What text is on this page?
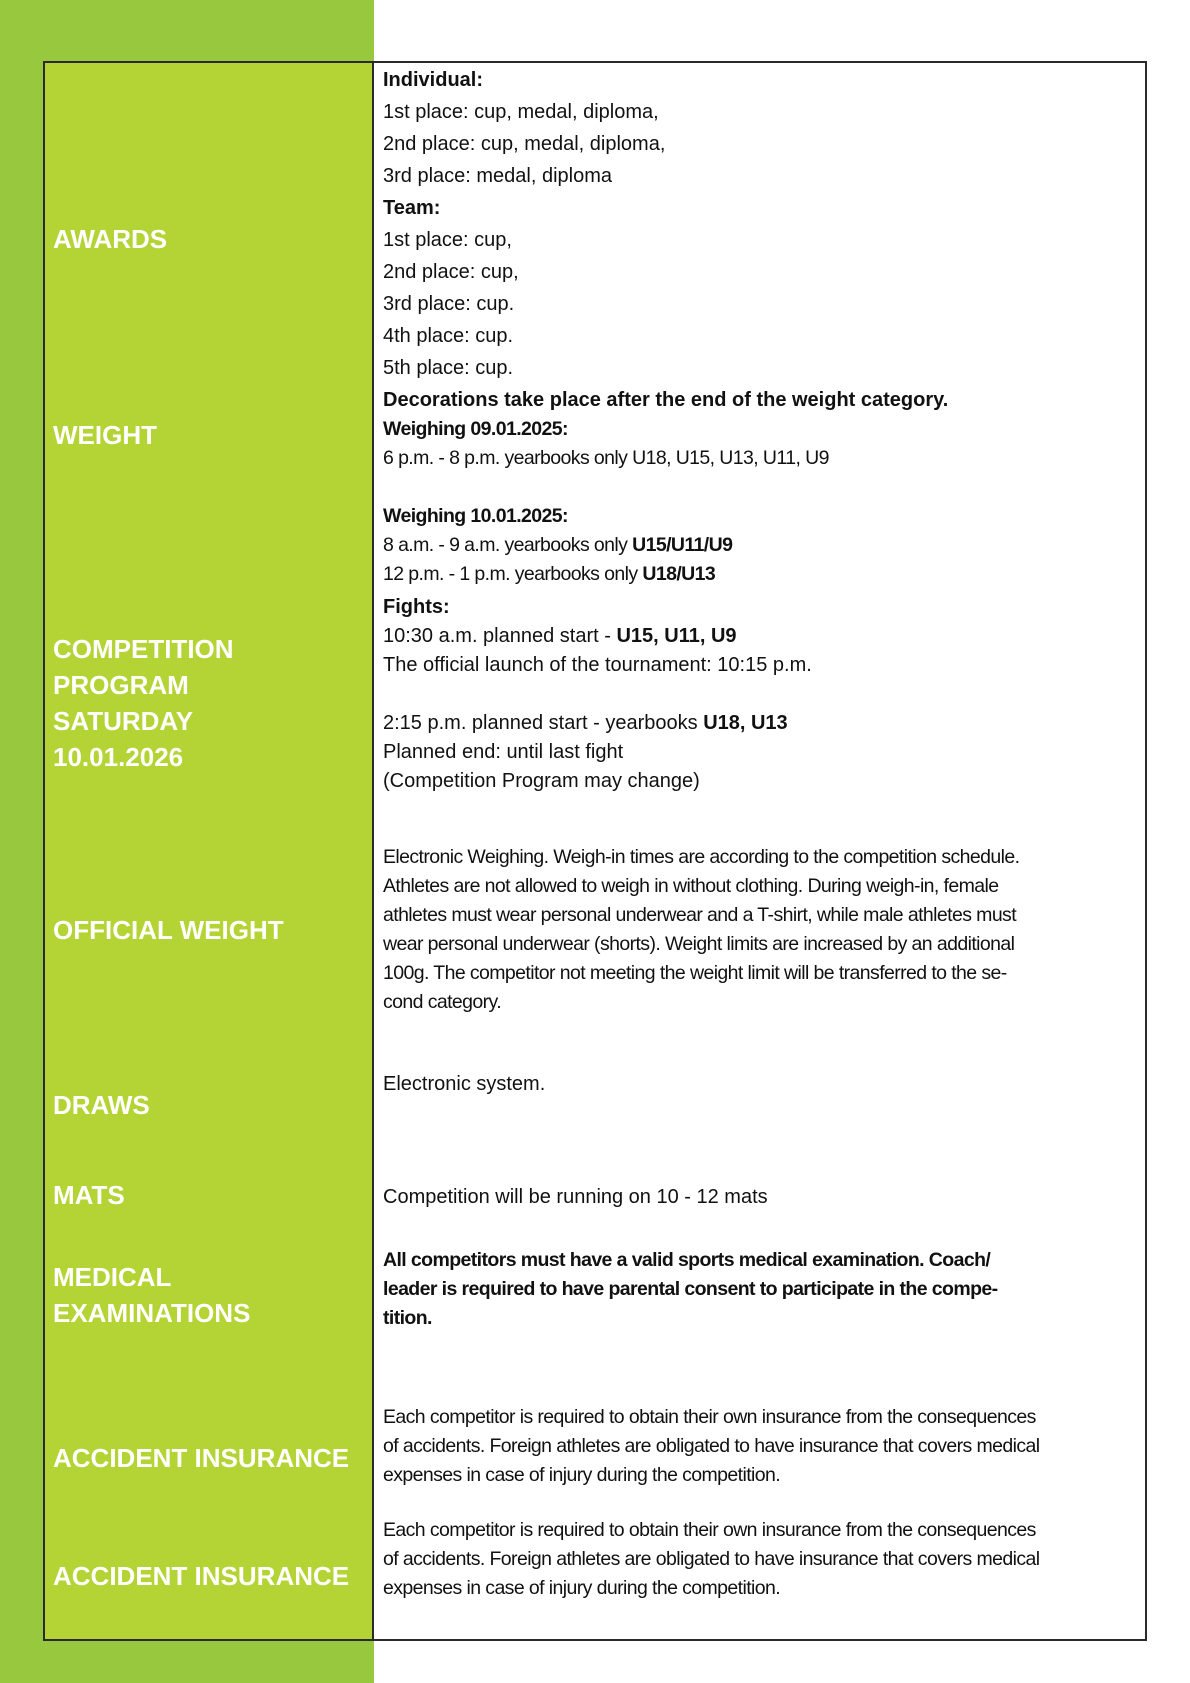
AWARDS
Individual:
1st place: cup, medal, diploma,
2nd place: cup, medal, diploma,
3rd place: medal, diploma
Team:
1st place: cup,
2nd place: cup,
3rd place: cup.
4th place: cup.
5th place: cup.
Decorations take place after the end of the weight category.
WEIGHT	Weighing 09.01.2025:
6 p.m. - 8 p.m. yearbooks only U18, U15, U13, U11, U9
Weighing 10.01.2025:
8 a.m. - 9 a.m. yearbooks only U15/U11/U9
12 p.m. - 1 p.m. yearbooks only U18/U13
COMPETITION
PROGRAM
SATURDAY
10.01.2026
Fights:
10:30 a.m. planned start - U15, U11, U9
The official launch of the tournament: 10:15 p.m.
2:15 p.m. planned start - yearbooks U18, U13
Planned end: until last fight
(Competition Program may change)
OFFICIAL WEIGHT
Electronic Weighing. Weigh-in times are according to the competition schedule.
Athletes are not allowed to weigh in without clothing. During weigh-in, female
athletes must wear personal underwear and a T-shirt, while male athletes must
wear personal underwear (shorts). Weight limits are increased by an additional
100g. The competitor not meeting the weight limit will be transferred to the se-
cond category.
DRAWS
Electronic system.
MATS	Competition will be running on 10 - 12 mats
MEDICAL
EXAMINATIONS
All competitors must have a valid sports medical examination. Coach/
leader is required to have parental consent to participate in the compe-
tition.
ACCIDENT INSURANCE
Each competitor is required to obtain their own insurance from the consequences
of accidents. Foreign athletes are obligated to have insurance that covers medical
expenses in case of injury during the competition.
ACCIDENT INSURANCE
Each competitor is required to obtain their own insurance from the consequences
of accidents. Foreign athletes are obligated to have insurance that covers medical
expenses in case of injury during the competition.
